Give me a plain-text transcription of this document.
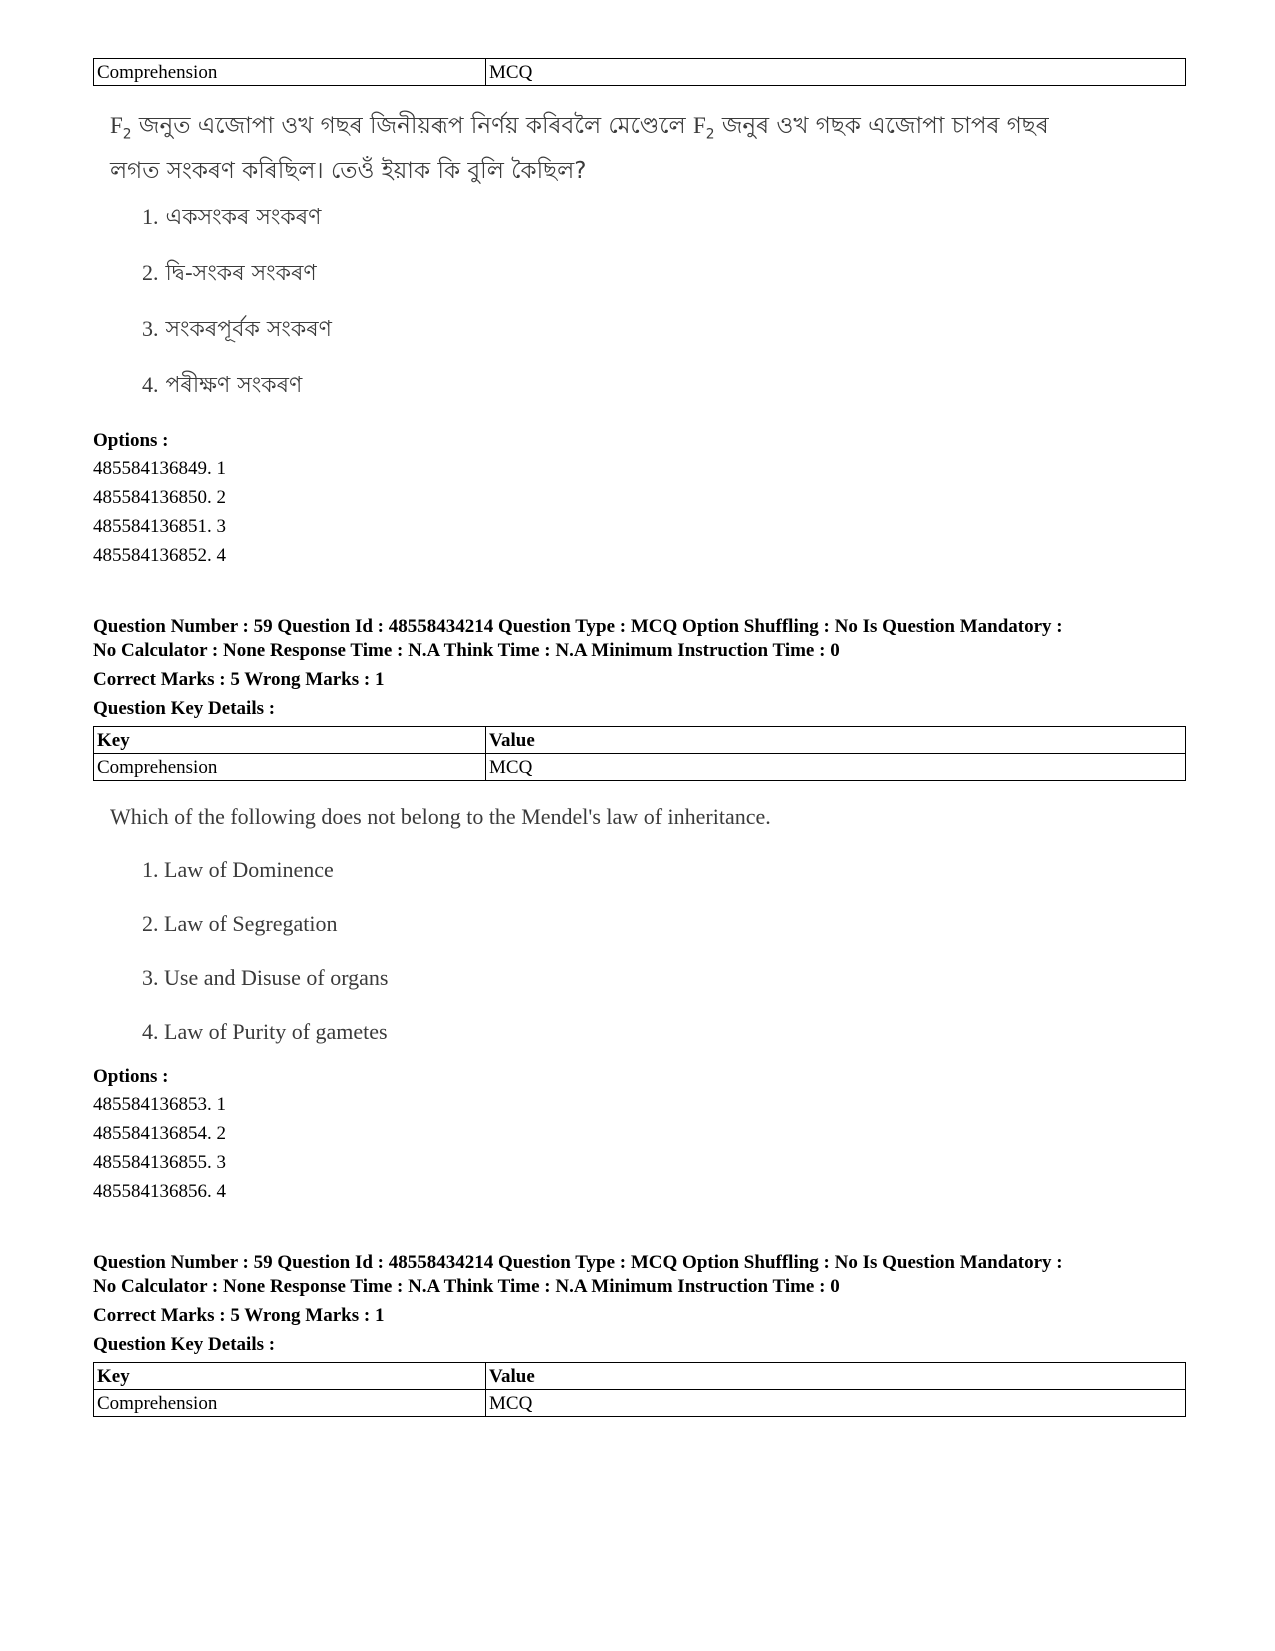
Comprehension	MCQ
$F_2$ জনুত এজোপা ওখ গছৰ জিনীয়ৰূপ নিৰ্ণয় কৰিবলৈ মেণ্ডেলে $F_2$ জনুৰ ওখ গছক এজোপা চাপৰ গছৰ
লগত সংকৰণ কৰিছিল। তেওঁ ইয়াক কি বুলি কৈছিল?
1. একসংকৰ সংকৰণ
2. দ্বি-সংকৰ সংকৰণ
3. সংকৰপূৰ্বক সংকৰণ
4. পৰীক্ষণ সংকৰণ
Options :
485584136849. 1
485584136850. 2
485584136851. 3
485584136852. 4
Question Number : 59 Question Id : 48558434214 Question Type : MCQ Option Shuffling : No Is Question Mandatory :
No Calculator : None Response Time : N.A Think Time : N.A Minimum Instruction Time : 0
Correct Marks : 5 Wrong Marks : 1
Question Key Details :
Key	Value
Comprehension	MCQ
Which of the following does not belong to the Mendel's law of inheritance.
1. Law of Dominence
2. Law of Segregation
3. Use and Disuse of organs
4. Law of Purity of gametes
Options :
485584136853. 1
485584136854. 2
485584136855. 3
485584136856. 4
Question Number : 59 Question Id : 48558434214 Question Type : MCQ Option Shuffling : No Is Question Mandatory :
No Calculator : None Response Time : N.A Think Time : N.A Minimum Instruction Time : 0
Correct Marks : 5 Wrong Marks : 1
Question Key Details :
Key	Value
Comprehension	MCQ
